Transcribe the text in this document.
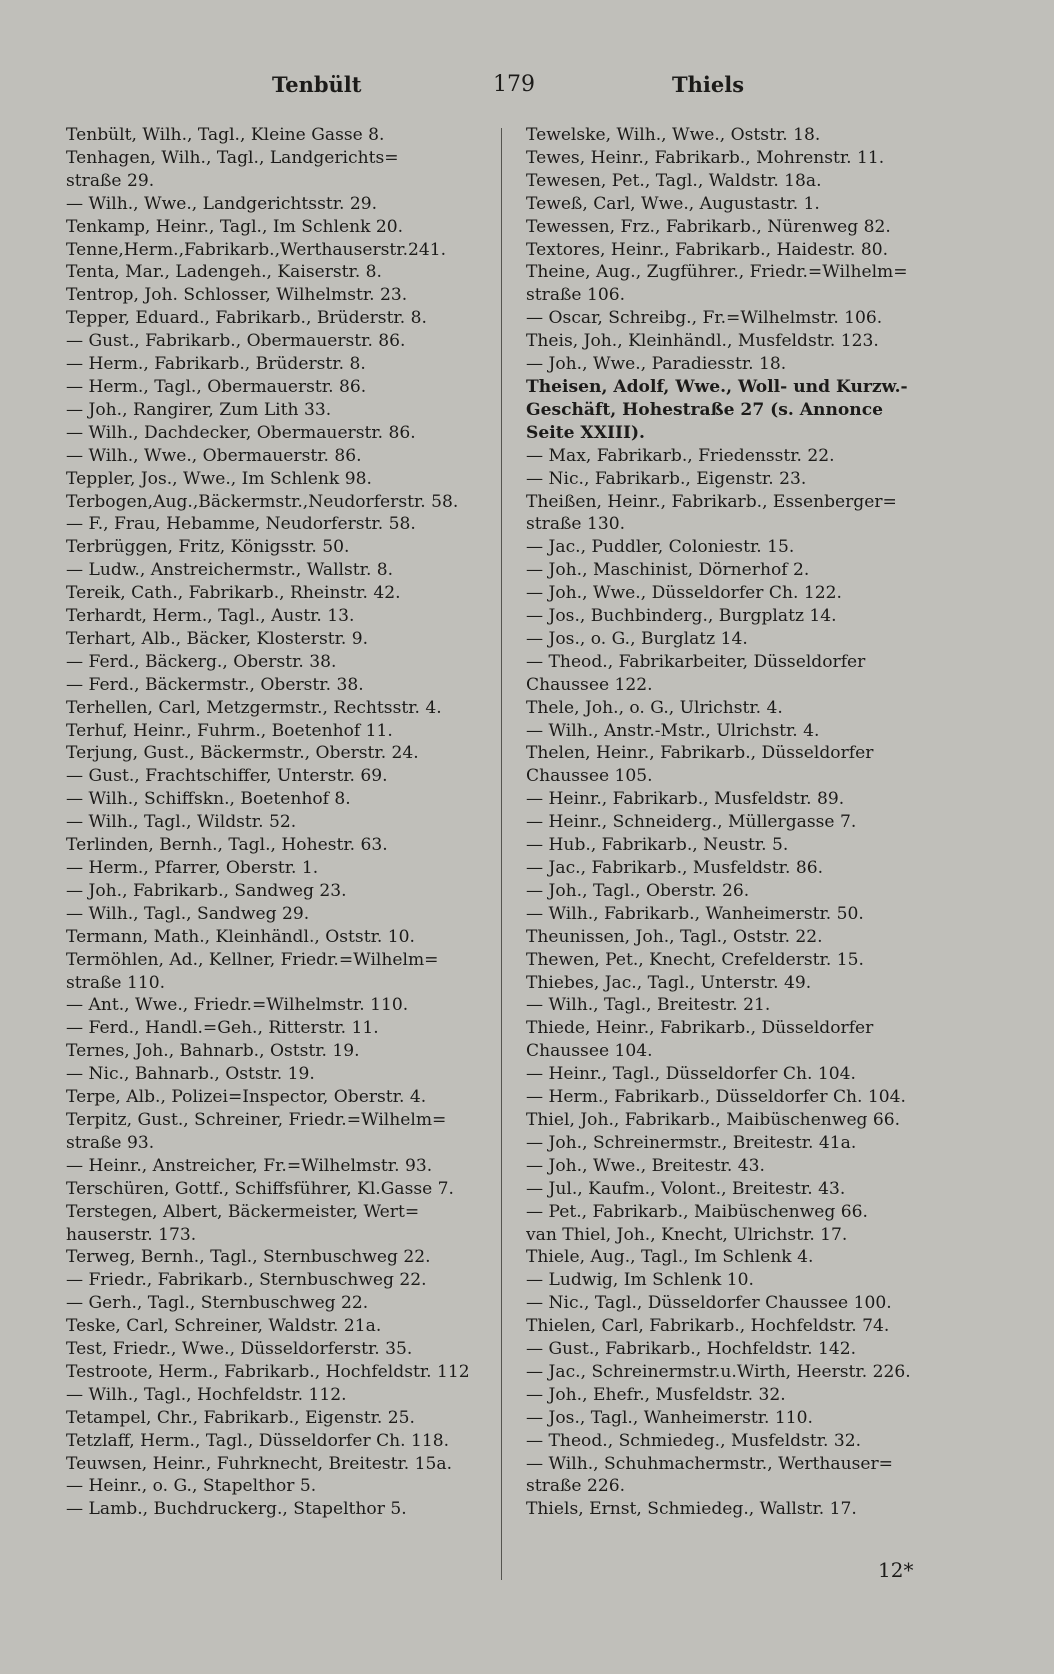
Tenbült	179	Thiels

Tenbült, Wilh., Tagl., Kleine Gasse 8.

Tenhagen, Wilh., Tagl., Landgerichts=

straße 29.

— Wilh., Wwe., Landgerichtsstr. 29.

Tenkamp, Heinr., Tagl., Im Schlenk 20.

Tenne,Herm.,Fabrikarb.,Werthauserstr.241.

Tenta, Mar., Ladengeh., Kaiserstr. 8.

Tentrop, Joh. Schlosser, Wilhelmstr. 23.

Tepper, Eduard., Fabrikarb., Brüderstr. 8.

— Gust., Fabrikarb., Obermauerstr. 86.

— Herm., Fabrikarb., Brüderstr. 8.

— Herm., Tagl., Obermauerstr. 86.

— Joh., Rangirer, Zum Lith 33.

— Wilh., Dachdecker, Obermauerstr. 86.

— Wilh., Wwe., Obermauerstr. 86.

Teppler, Jos., Wwe., Im Schlenk 98.

Terbogen,Aug.,Bäckermstr.,Neudorferstr. 58.

— F., Frau, Hebamme, Neudorferstr. 58.

Terbrüggen, Fritz, Königsstr. 50.

— Ludw., Anstreichermstr., Wallstr. 8.

Tereik, Cath., Fabrikarb., Rheinstr. 42.

Terhardt, Herm., Tagl., Austr. 13.

Terhart, Alb., Bäcker, Klosterstr. 9.

— Ferd., Bäckerg., Oberstr. 38.

— Ferd., Bäckermstr., Oberstr. 38.

Terhellen, Carl, Metzgermstr., Rechtsstr. 4.

Terhuf, Heinr., Fuhrm., Boetenhof 11.

Terjung, Gust., Bäckermstr., Oberstr. 24.

— Gust., Frachtschiffer, Unterstr. 69.

— Wilh., Schiffskn., Boetenhof 8.

— Wilh., Tagl., Wildstr. 52.

Terlinden, Bernh., Tagl., Hohestr. 63.

— Herm., Pfarrer, Oberstr. 1.

— Joh., Fabrikarb., Sandweg 23.

— Wilh., Tagl., Sandweg 29.

Termann, Math., Kleinhändl., Oststr. 10.

Termöhlen, Ad., Kellner, Friedr.=Wilhelm=

straße 110.

— Ant., Wwe., Friedr.=Wilhelmstr. 110.

— Ferd., Handl.=Geh., Ritterstr. 11.

Ternes, Joh., Bahnarb., Oststr. 19.

— Nic., Bahnarb., Oststr. 19.

Terpe, Alb., Polizei=Inspector, Oberstr. 4.

Terpitz, Gust., Schreiner, Friedr.=Wilhelm=

straße 93.

— Heinr., Anstreicher, Fr.=Wilhelmstr. 93.

Terschüren, Gottf., Schiffsführer, Kl.Gasse 7.

Terstegen, Albert, Bäckermeister, Wert=

hauserstr. 173.

Terweg, Bernh., Tagl., Sternbuschweg 22.

— Friedr., Fabrikarb., Sternbuschweg 22.

— Gerh., Tagl., Sternbuschweg 22.

Teske, Carl, Schreiner, Waldstr. 21a.

Test, Friedr., Wwe., Düsseldorferstr. 35.

Testroote, Herm., Fabrikarb., Hochfeldstr. 112

— Wilh., Tagl., Hochfeldstr. 112.

Tetampel, Chr., Fabrikarb., Eigenstr. 25.

Tetzlaff, Herm., Tagl., Düsseldorfer Ch. 118.

Teuwsen, Heinr., Fuhrknecht, Breitestr. 15a.

— Heinr., o. G., Stapelthor 5.

— Lamb., Buchdruckerg., Stapelthor 5.

Tewelske, Wilh., Wwe., Oststr. 18.

Tewes, Heinr., Fabrikarb., Mohrenstr. 11.

Tewesen, Pet., Tagl., Waldstr. 18a.

Teweß, Carl, Wwe., Augustastr. 1.

Tewessen, Frz., Fabrikarb., Nürenweg 82.

Textores, Heinr., Fabrikarb., Haidestr. 80.

Theine, Aug., Zugführer., Friedr.=Wilhelm=

straße 106.

— Oscar, Schreibg., Fr.=Wilhelmstr. 106.

Theis, Joh., Kleinhändl., Musfeldstr. 123.

— Joh., Wwe., Paradiesstr. 18.

Theisen, Adolf, Wwe., Woll- und Kurzw.-

Geschäft, Hohestraße 27 (s. Annonce

Seite XXIII).

— Max, Fabrikarb., Friedensstr. 22.

— Nic., Fabrikarb., Eigenstr. 23.

Theißen, Heinr., Fabrikarb., Essenberger=

straße 130.

— Jac., Puddler, Coloniestr. 15.

— Joh., Maschinist, Dörnerhof 2.

— Joh., Wwe., Düsseldorfer Ch. 122.

— Jos., Buchbinderg., Burgplatz 14.

— Jos., o. G., Burglatz 14.

— Theod., Fabrikarbeiter, Düsseldorfer

Chaussee 122.

Thele, Joh., o. G., Ulrichstr. 4.

— Wilh., Anstr.-Mstr., Ulrichstr. 4.

Thelen, Heinr., Fabrikarb., Düsseldorfer

Chaussee 105.

— Heinr., Fabrikarb., Musfeldstr. 89.

— Heinr., Schneiderg., Müllergasse 7.

— Hub., Fabrikarb., Neustr. 5.

— Jac., Fabrikarb., Musfeldstr. 86.

— Joh., Tagl., Oberstr. 26.

— Wilh., Fabrikarb., Wanheimerstr. 50.

Theunissen, Joh., Tagl., Oststr. 22.

Thewen, Pet., Knecht, Crefelderstr. 15.

Thiebes, Jac., Tagl., Unterstr. 49.

— Wilh., Tagl., Breitestr. 21.

Thiede, Heinr., Fabrikarb., Düsseldorfer

Chaussee 104.

— Heinr., Tagl., Düsseldorfer Ch. 104.

— Herm., Fabrikarb., Düsseldorfer Ch. 104.

Thiel, Joh., Fabrikarb., Maibüschenweg 66.

— Joh., Schreinermstr., Breitestr. 41a.

— Joh., Wwe., Breitestr. 43.

— Jul., Kaufm., Volont., Breitestr. 43.

— Pet., Fabrikarb., Maibüschenweg 66.

van Thiel, Joh., Knecht, Ulrichstr. 17.

Thiele, Aug., Tagl., Im Schlenk 4.

— Ludwig, Im Schlenk 10.

— Nic., Tagl., Düsseldorfer Chaussee 100.

Thielen, Carl, Fabrikarb., Hochfeldstr. 74.

— Gust., Fabrikarb., Hochfeldstr. 142.

— Jac., Schreinermstr.u.Wirth, Heerstr. 226.

— Joh., Ehefr., Musfeldstr. 32.

— Jos., Tagl., Wanheimerstr. 110.

— Theod., Schmiedeg., Musfeldstr. 32.

— Wilh., Schuhmachermstr., Werthauser=

straße 226.

Thiels, Ernst, Schmiedeg., Wallstr. 17.

12*
